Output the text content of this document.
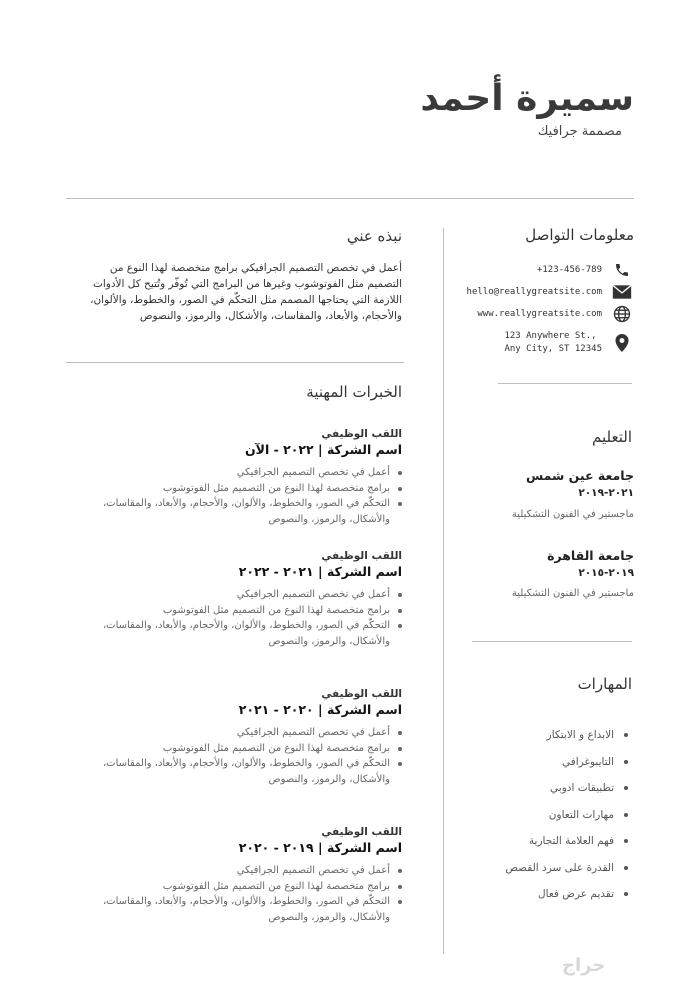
سميرة أحمد
مصممة جرافيك
معلومات التواصل
+123-456-789
hello@reallygreatsite.com
www.reallygreatsite.com
123 Anywhere St.,
Any City, ST 12345
التعليم
جامعة عين شمس
٢٠٢١-٢٠١٩
ماجستير في الفنون التشكيلية
جامعة القاهرة
٢٠١٩-٢٠١٥
ماجستير في الفنون التشكيلية
المهارات
الابداع و الابتكار
التايبوغرافي
تطبيقات ادوبي
مهارات التعاون
فهم العلامة التجارية
القدرة على سرد القصص
تقديم عرض فعال
نبذه عني
أعمل في تخصص التصميم الجرافيكي برامج متخصصة لهذا النوع من التصميم مثل الفوتوشوب وغيرها من البرامج التي تُوفّر وتُتيح كل الأدوات اللازمة التي يحتاجها المصمم مثل التحكّم في الصور، والخطوط، والألوان، والأحجام، والأبعاد، والمقاسات، والأشكال، والرموز، والنصوص
الخبرات المهنية
اللقب الوظيفي
اسم الشركة | ٢٠٢٢ - الآن
أعمل في تخصص التصميم الجرافيكي
برامج متخصصة لهذا النوع من التصميم مثل الفوتوشوب
التحكّم في الصور، والخطوط، والألوان، والأحجام، والأبعاد، والمقاسات، والأشكال، والرموز، والنصوص
اللقب الوظيفي
اسم الشركة | ٢٠٢١ - ٢٠٢٢
أعمل في تخصص التصميم الجرافيكي
برامج متخصصة لهذا النوع من التصميم مثل الفوتوشوب
التحكّم في الصور، والخطوط، والألوان، والأحجام، والأبعاد، والمقاسات، والأشكال، والرموز، والنصوص
اللقب الوظيفي
اسم الشركة | ٢٠٢٠ - ٢٠٢١
أعمل في تخصص التصميم الجرافيكي
برامج متخصصة لهذا النوع من التصميم مثل الفوتوشوب
التحكّم في الصور، والخطوط، والألوان، والأحجام، والأبعاد، والمقاسات، والأشكال، والرموز، والنصوص
اللقب الوظيفي
اسم الشركة | ٢٠١٩ - ٢٠٢٠
أعمل في تخصص التصميم الجرافيكي
برامج متخصصة لهذا النوع من التصميم مثل الفوتوشوب
التحكّم في الصور، والخطوط، والألوان، والأحجام، والأبعاد، والمقاسات، والأشكال، والرموز، والنصوص
حراج
